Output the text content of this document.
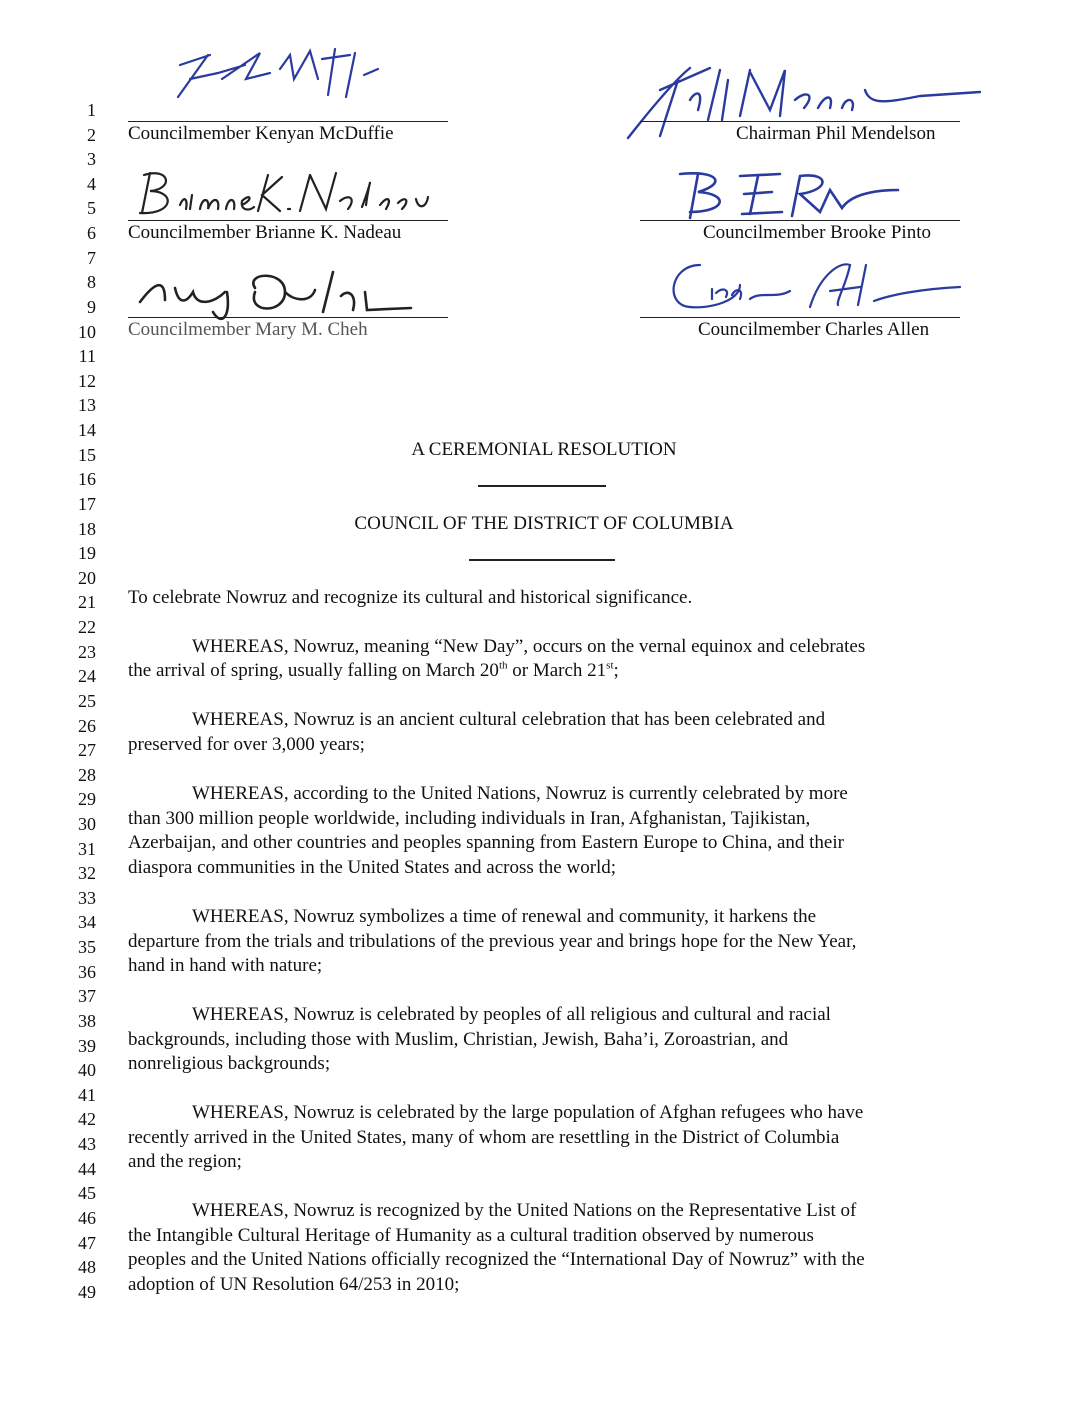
1
2
3
4
5
6
7
8
9
10
11
12
13
14
15
16
17
18
19
20
21
22
23
24
25
26
27
28
29
30
31
32
33
34
35
36
37
38
39
40
41
42
43
44
45
46
47
48
49
Councilmember Kenyan McDuffie	Chairman Phil Mendelson
Councilmember Brianne K. Nadeau	Councilmember Brooke Pinto
Councilmember Mary M. Cheh	Councilmember Charles Allen
A CEREMONIAL RESOLUTION
COUNCIL OF THE DISTRICT OF COLUMBIA
To celebrate Nowruz and recognize its cultural and historical significance.
WHEREAS, Nowruz, meaning “New Day”, occurs on the vernal equinox and celebrates
the arrival of spring, usually falling on March 20th or March 21st;
WHEREAS, Nowruz is an ancient cultural celebration that has been celebrated and
preserved for over 3,000 years;
WHEREAS, according to the United Nations, Nowruz is currently celebrated by more
than 300 million people worldwide, including individuals in Iran, Afghanistan, Tajikistan,
Azerbaijan, and other countries and peoples spanning from Eastern Europe to China, and their
diaspora communities in the United States and across the world;
WHEREAS, Nowruz symbolizes a time of renewal and community, it harkens the
departure from the trials and tribulations of the previous year and brings hope for the New Year,
hand in hand with nature;
WHEREAS, Nowruz is celebrated by peoples of all religious and cultural and racial
backgrounds, including those with Muslim, Christian, Jewish, Baha’i, Zoroastrian, and
nonreligious backgrounds;
WHEREAS, Nowruz is celebrated by the large population of Afghan refugees who have
recently arrived in the United States, many of whom are resettling in the District of Columbia
and the region;
WHEREAS, Nowruz is recognized by the United Nations on the Representative List of
the Intangible Cultural Heritage of Humanity as a cultural tradition observed by numerous
peoples and the United Nations officially recognized the “International Day of Nowruz” with the
adoption of UN Resolution 64/253 in 2010;
